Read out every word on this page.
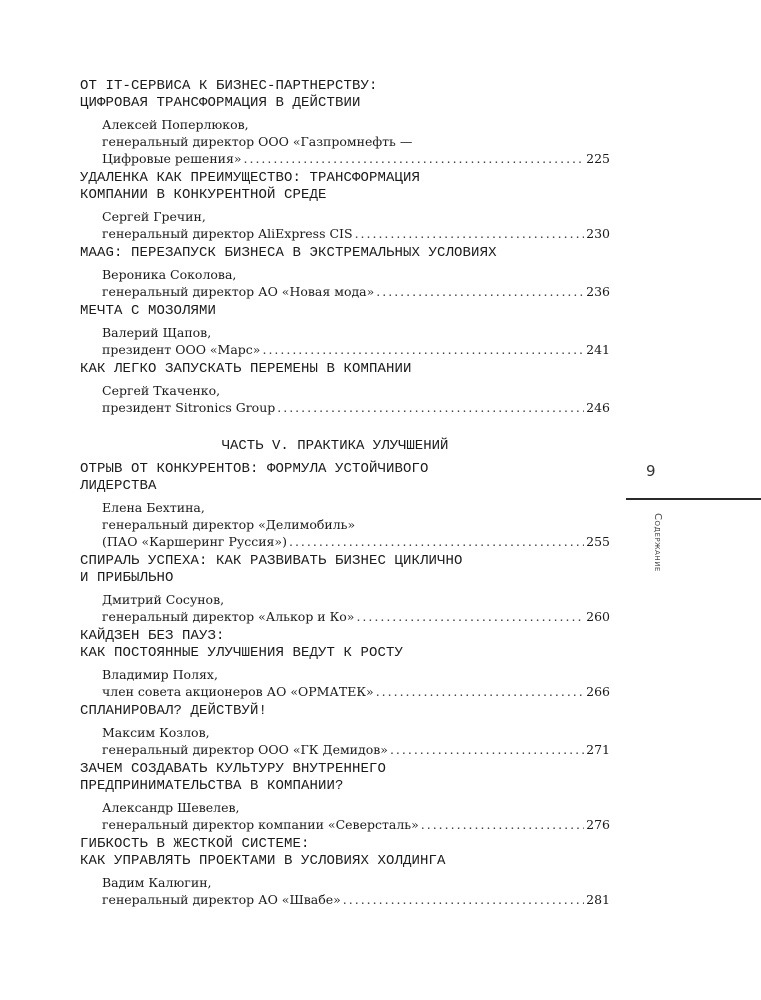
ОТ IT-СЕРВИСА К БИЗНЕС-ПАРТНЕРСТВУ:
ЦИФРОВАЯ ТРАНСФОРМАЦИЯ В ДЕЙСТВИИ
Алексей Поперлюков,
генеральный директор ООО «Газпромнефть —
Цифровые решения» .....	225
УДАЛЕНКА КАК ПРЕИМУЩЕСТВО: ТРАНСФОРМАЦИЯ
КОМПАНИИ В КОНКУРЕНТНОЙ СРЕДЕ
Сергей Гречин,
генеральный директор AliExpress CIS .....	230
MAAG: ПЕРЕЗАПУСК БИЗНЕСА В ЭКСТРЕМАЛЬНЫХ УСЛОВИЯХ
Вероника Соколова,
генеральный директор АО «Новая мода» .....	236
МЕЧТА С МОЗОЛЯМИ
Валерий Щапов,
президент ООО «Марс» .....	241
КАК ЛЕГКО ЗАПУСКАТЬ ПЕРЕМЕНЫ В КОМПАНИИ
Сергей Ткаченко,
президент Sitronics Group .....	246
ЧАСТЬ V. ПРАКТИКА УЛУЧШЕНИЙ
ОТРЫВ ОТ КОНКУРЕНТОВ: ФОРМУЛА УСТОЙЧИВОГО
ЛИДЕРСТВА
Елена Бехтина,
генеральный директор «Делимобиль»
(ПАО «Каршеринг Руссия») .....	255
СПИРАЛЬ УСПЕХА: КАК РАЗВИВАТЬ БИЗНЕС ЦИКЛИЧНО
И ПРИБЫЛЬНО
Дмитрий Сосунов,
генеральный директор «Алькор и Ко» .....	260
КАЙДЗЕН БЕЗ ПАУЗ:
КАК ПОСТОЯННЫЕ УЛУЧШЕНИЯ ВЕДУТ К РОСТУ
Владимир Полях,
член совета акционеров АО «ОРМАТЕК» .....	266
СПЛАНИРОВАЛ? ДЕЙСТВУЙ!
Максим Козлов,
генеральный директор ООО «ГК Демидов» .....	271
ЗАЧЕМ СОЗДАВАТЬ КУЛЬТУРУ ВНУТРЕННЕГО
ПРЕДПРИНИМАТЕЛЬСТВА В КОМПАНИИ?
Александр Шевелев,
генеральный директор компании «Северсталь» .....	276
ГИБКОСТЬ В ЖЕСТКОЙ СИСТЕМЕ:
КАК УПРАВЛЯТЬ ПРОЕКТАМИ В УСЛОВИЯХ ХОЛДИНГА
Вадим Калюгин,
генеральный директор АО «Швабе» .....	281
9
Содержание
